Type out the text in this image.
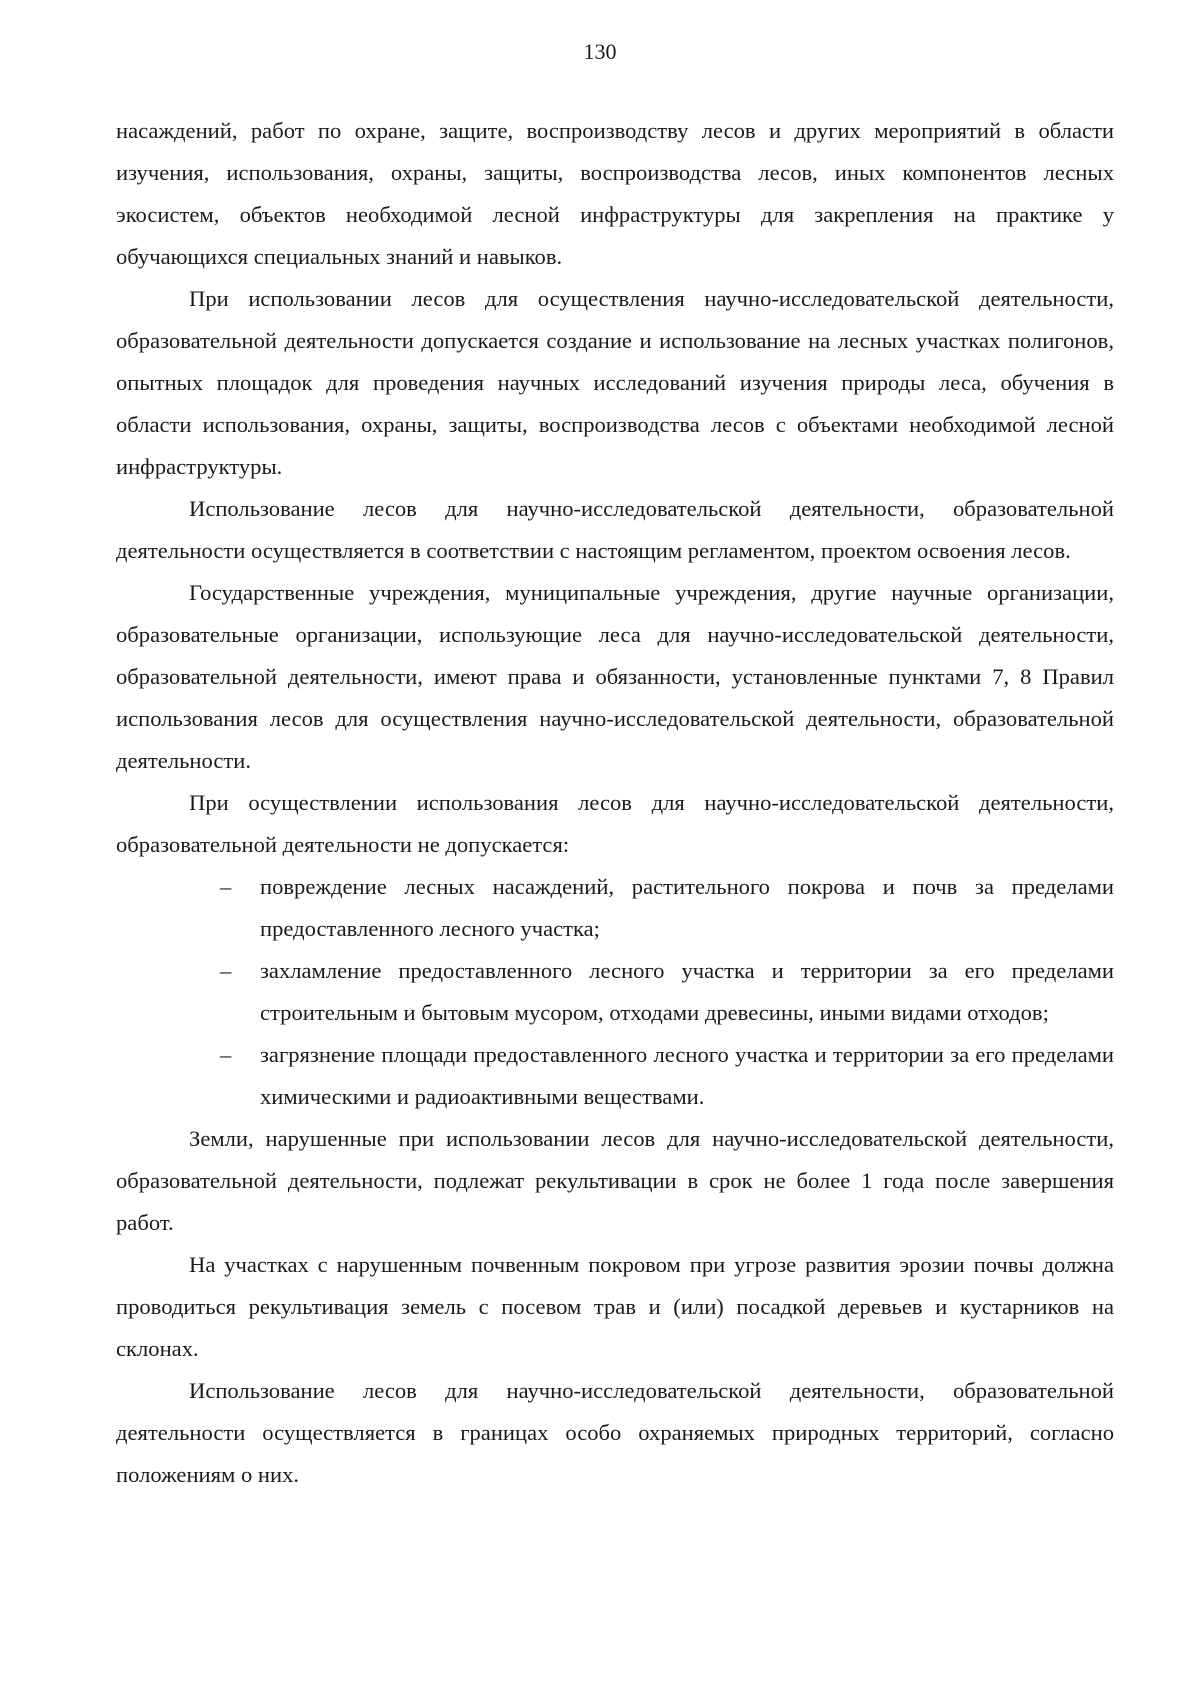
130

насаждений, работ по охране, защите, воспроизводству лесов и других мероприятий в области изучения, использования, охраны, защиты, воспроизводства лесов, иных компонентов лесных экосистем, объектов необходимой лесной инфраструктуры для закрепления на практике у обучающихся специальных знаний и навыков.

При использовании лесов для осуществления научно-исследовательской деятельности, образовательной деятельности допускается создание и использование на лесных участках полигонов, опытных площадок для проведения научных исследований изучения природы леса, обучения в области использования, охраны, защиты, воспроизводства лесов с объектами необходимой лесной инфраструктуры.

Использование лесов для научно-исследовательской деятельности, образовательной деятельности осуществляется в соответствии с настоящим регламентом, проектом освоения лесов.

Государственные учреждения, муниципальные учреждения, другие научные организации, образовательные организации, использующие леса для научно-исследовательской деятельности, образовательной деятельности, имеют права и обязанности, установленные пунктами 7, 8 Правил использования лесов для осуществления научно-исследовательской деятельности, образовательной деятельности.

При осуществлении использования лесов для научно-исследовательской деятельности, образовательной деятельности не допускается:

– повреждение лесных насаждений, растительного покрова и почв за пределами предоставленного лесного участка;
– захламление предоставленного лесного участка и территории за его пределами строительным и бытовым мусором, отходами древесины, иными видами отходов;
– загрязнение площади предоставленного лесного участка и территории за его пределами химическими и радиоактивными веществами.

Земли, нарушенные при использовании лесов для научно-исследовательской деятельности, образовательной деятельности, подлежат рекультивации в срок не более 1 года после завершения работ.

На участках с нарушенным почвенным покровом при угрозе развития эрозии почвы должна проводиться рекультивация земель с посевом трав и (или) посадкой деревьев и кустарников на склонах.

Использование лесов для научно-исследовательской деятельности, образовательной деятельности осуществляется в границах особо охраняемых природных территорий, согласно положениям о них.
